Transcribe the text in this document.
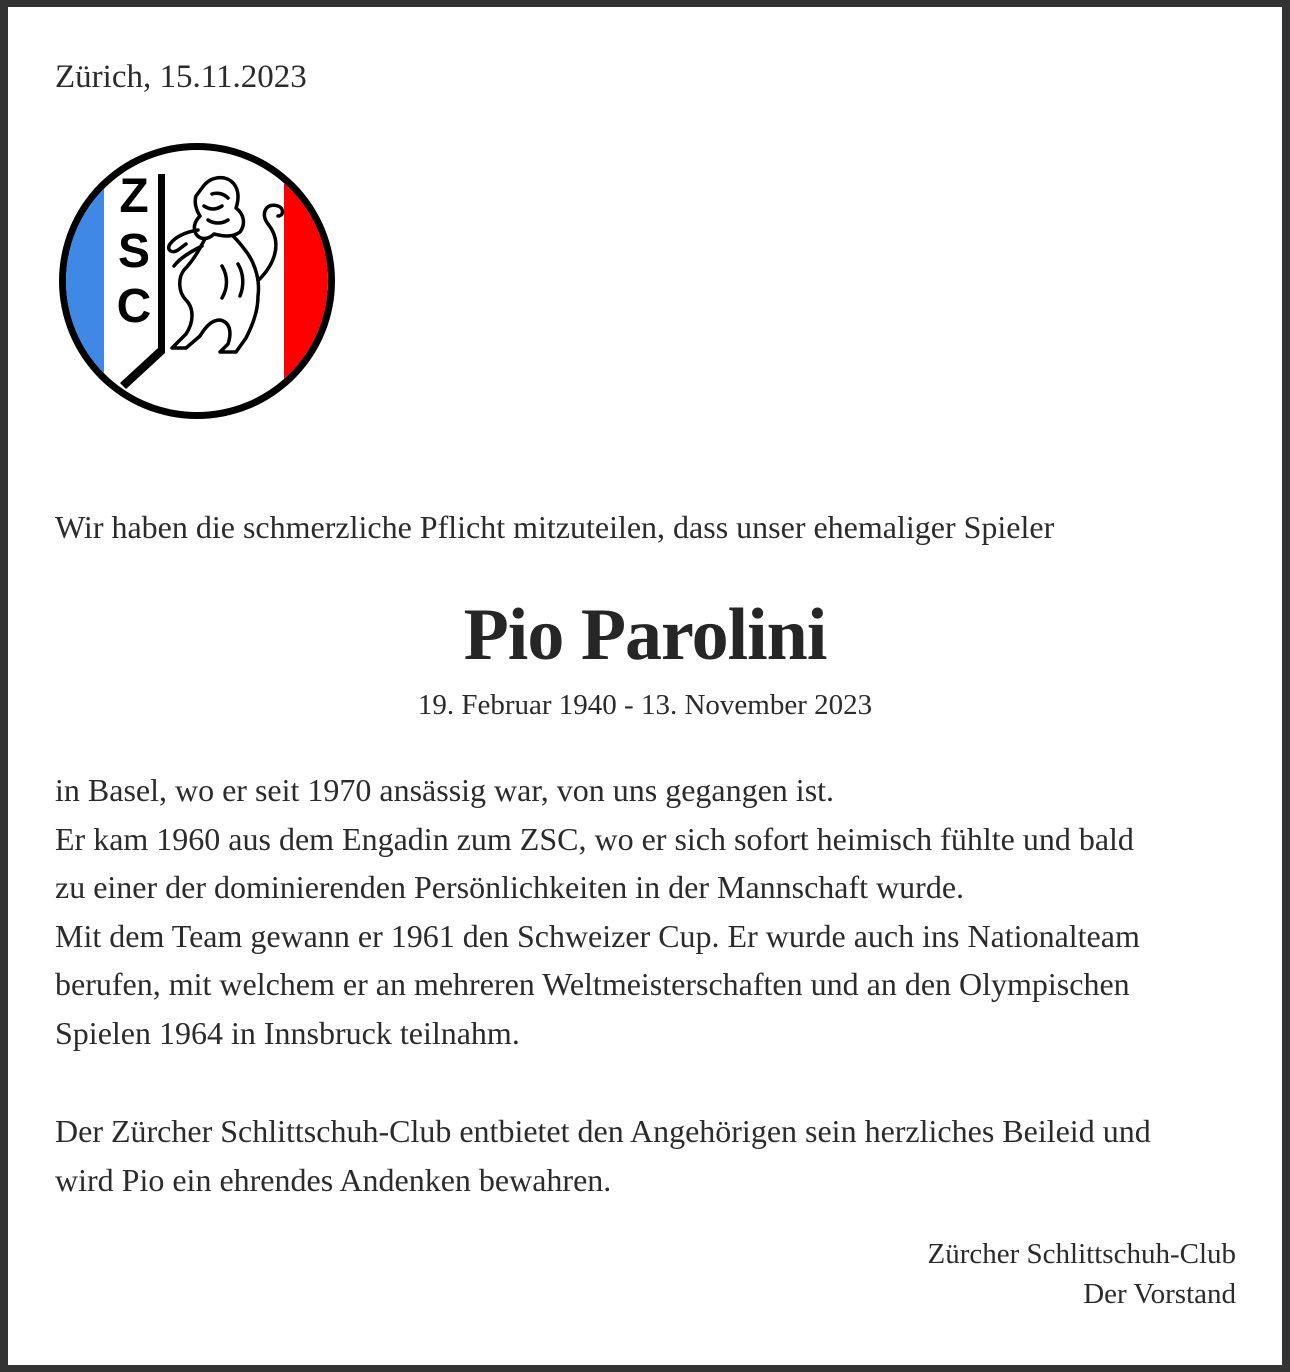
Zürich, 15.11.2023
Z
S
C
Wir haben die schmerzliche Pflicht mitzuteilen, dass unser ehemaliger Spieler
Pio Parolini
19. Februar 1940 - 13. November 2023
in Basel, wo er seit 1970 ansässig war, von uns gegangen ist.
Er kam 1960 aus dem Engadin zum ZSC, wo er sich sofort heimisch fühlte und bald
zu einer der dominierenden Persönlichkeiten in der Mannschaft wurde.
Mit dem Team gewann er 1961 den Schweizer Cup. Er wurde auch ins Nationalteam
berufen, mit welchem er an mehreren Weltmeisterschaften und an den Olympischen
Spielen 1964 in Innsbruck teilnahm.
Der Zürcher Schlittschuh-Club entbietet den Angehörigen sein herzliches Beileid und
wird Pio ein ehrendes Andenken bewahren.
Zürcher Schlittschuh-Club
Der Vorstand
